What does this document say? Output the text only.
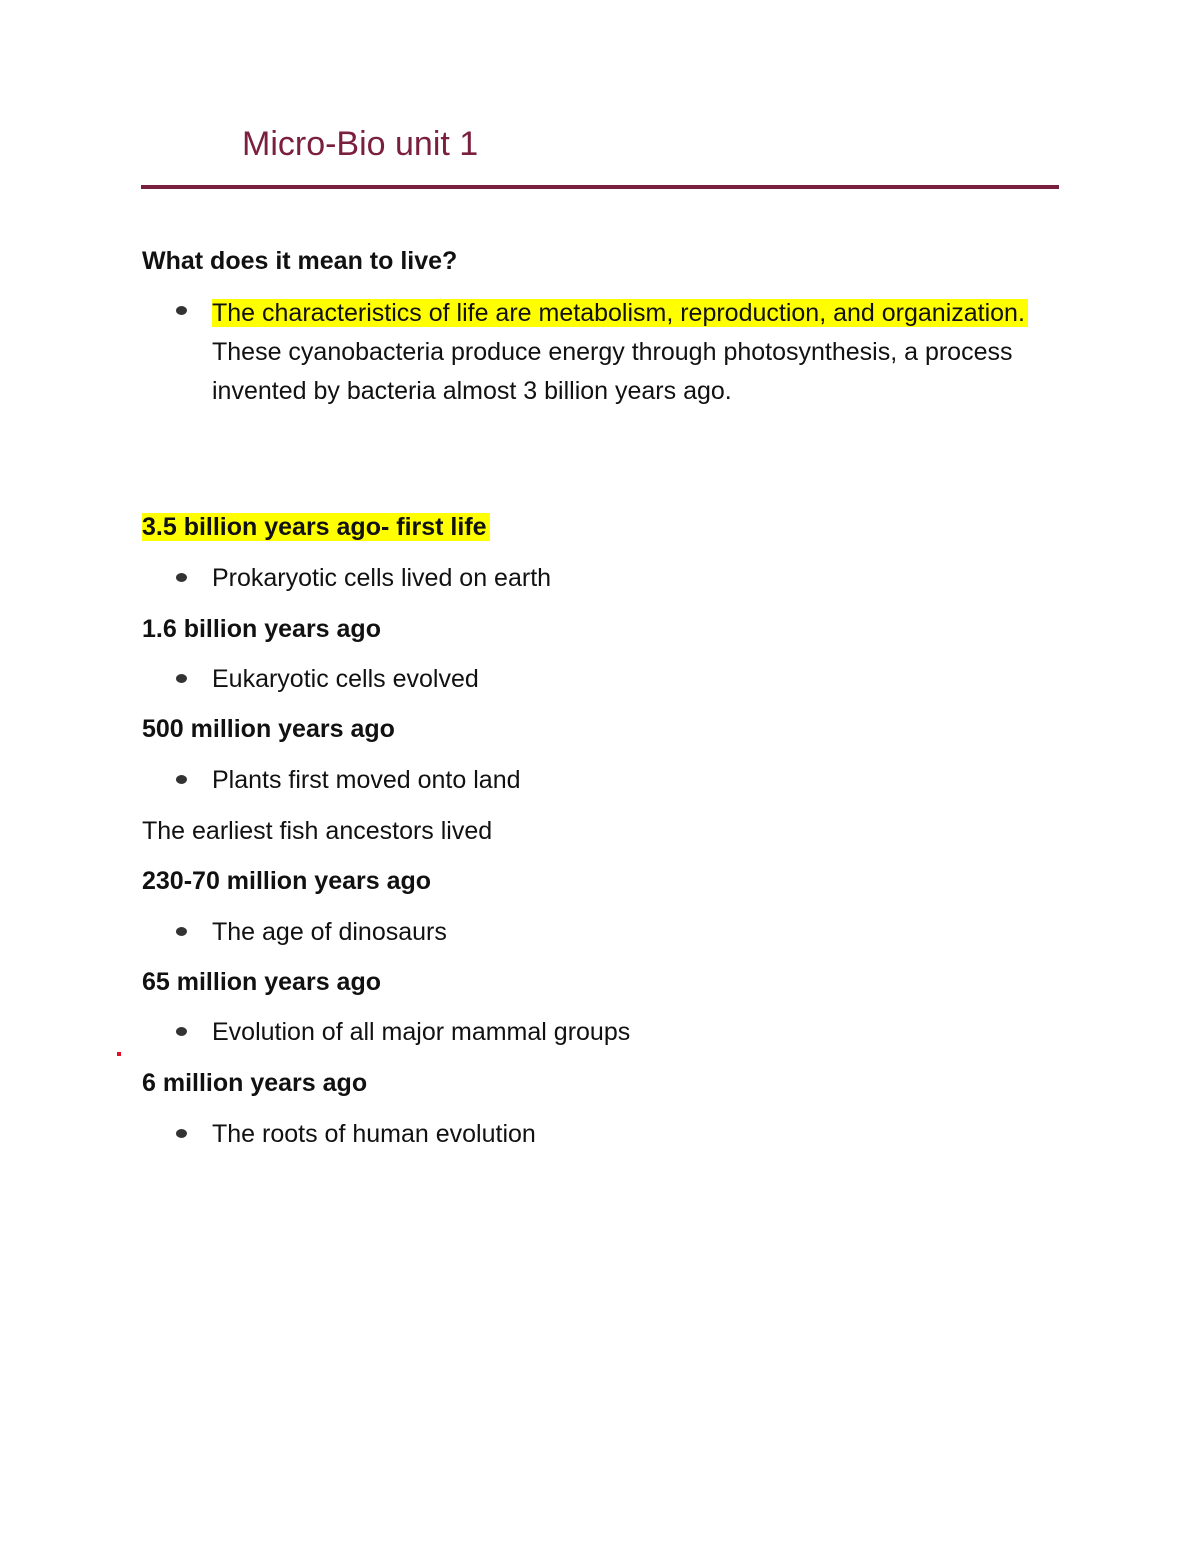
Micro-Bio unit 1
What does it mean to live?
The characteristics of life are metabolism, reproduction, and organization. These cyanobacteria produce energy through photosynthesis, a process invented by bacteria almost 3 billion years ago.
3.5 billion years ago- first life
Prokaryotic cells lived on earth
1.6 billion years ago
Eukaryotic cells evolved
500 million years ago
Plants first moved onto land
The earliest fish ancestors lived
230-70 million years ago
The age of dinosaurs
65 million years ago
Evolution of all major mammal groups
6 million years ago
The roots of human evolution
